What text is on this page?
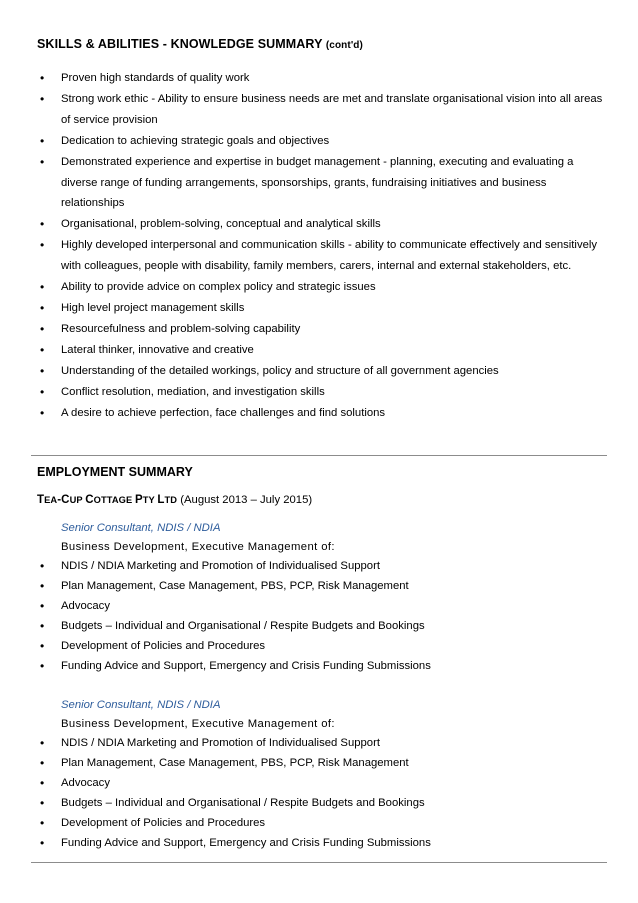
SKILLS & ABILITIES - KNOWLEDGE SUMMARY (cont'd)
• Proven high standards of quality work
• Strong work ethic - Ability to ensure business needs are met and translate organisational vision into all areas of service provision
• Dedication to achieving strategic goals and objectives
• Demonstrated experience and expertise in budget management - planning, executing and evaluating a diverse range of funding arrangements, sponsorships, grants, fundraising initiatives and business relationships
• Organisational, problem-solving, conceptual and analytical skills
• Highly developed interpersonal and communication skills - ability to communicate effectively and sensitively with colleagues, people with disability, family members, carers, internal and external stakeholders, etc.
• Ability to provide advice on complex policy and strategic issues
• High level project management skills
• Resourcefulness and problem-solving capability
• Lateral thinker, innovative and creative
• Understanding of the detailed workings, policy and structure of all government agencies
• Conflict resolution, mediation, and investigation skills
• A desire to achieve perfection, face challenges and find solutions
EMPLOYMENT SUMMARY
TEA-CUP COTTAGE PTY LTD (August 2013 – July 2015)
Senior Consultant, NDIS / NDIA
Business Development, Executive Management of:
• NDIS / NDIA Marketing and Promotion of Individualised Support
• Plan Management, Case Management, PBS, PCP, Risk Management
• Advocacy
• Budgets – Individual and Organisational / Respite Budgets and Bookings
• Development of Policies and Procedures
• Funding Advice and Support, Emergency and Crisis Funding Submissions
Senior Consultant, NDIS / NDIA
Business Development, Executive Management of:
• NDIS / NDIA Marketing and Promotion of Individualised Support
• Plan Management, Case Management, PBS, PCP, Risk Management
• Advocacy
• Budgets – Individual and Organisational / Respite Budgets and Bookings
• Development of Policies and Procedures
• Funding Advice and Support, Emergency and Crisis Funding Submissions
